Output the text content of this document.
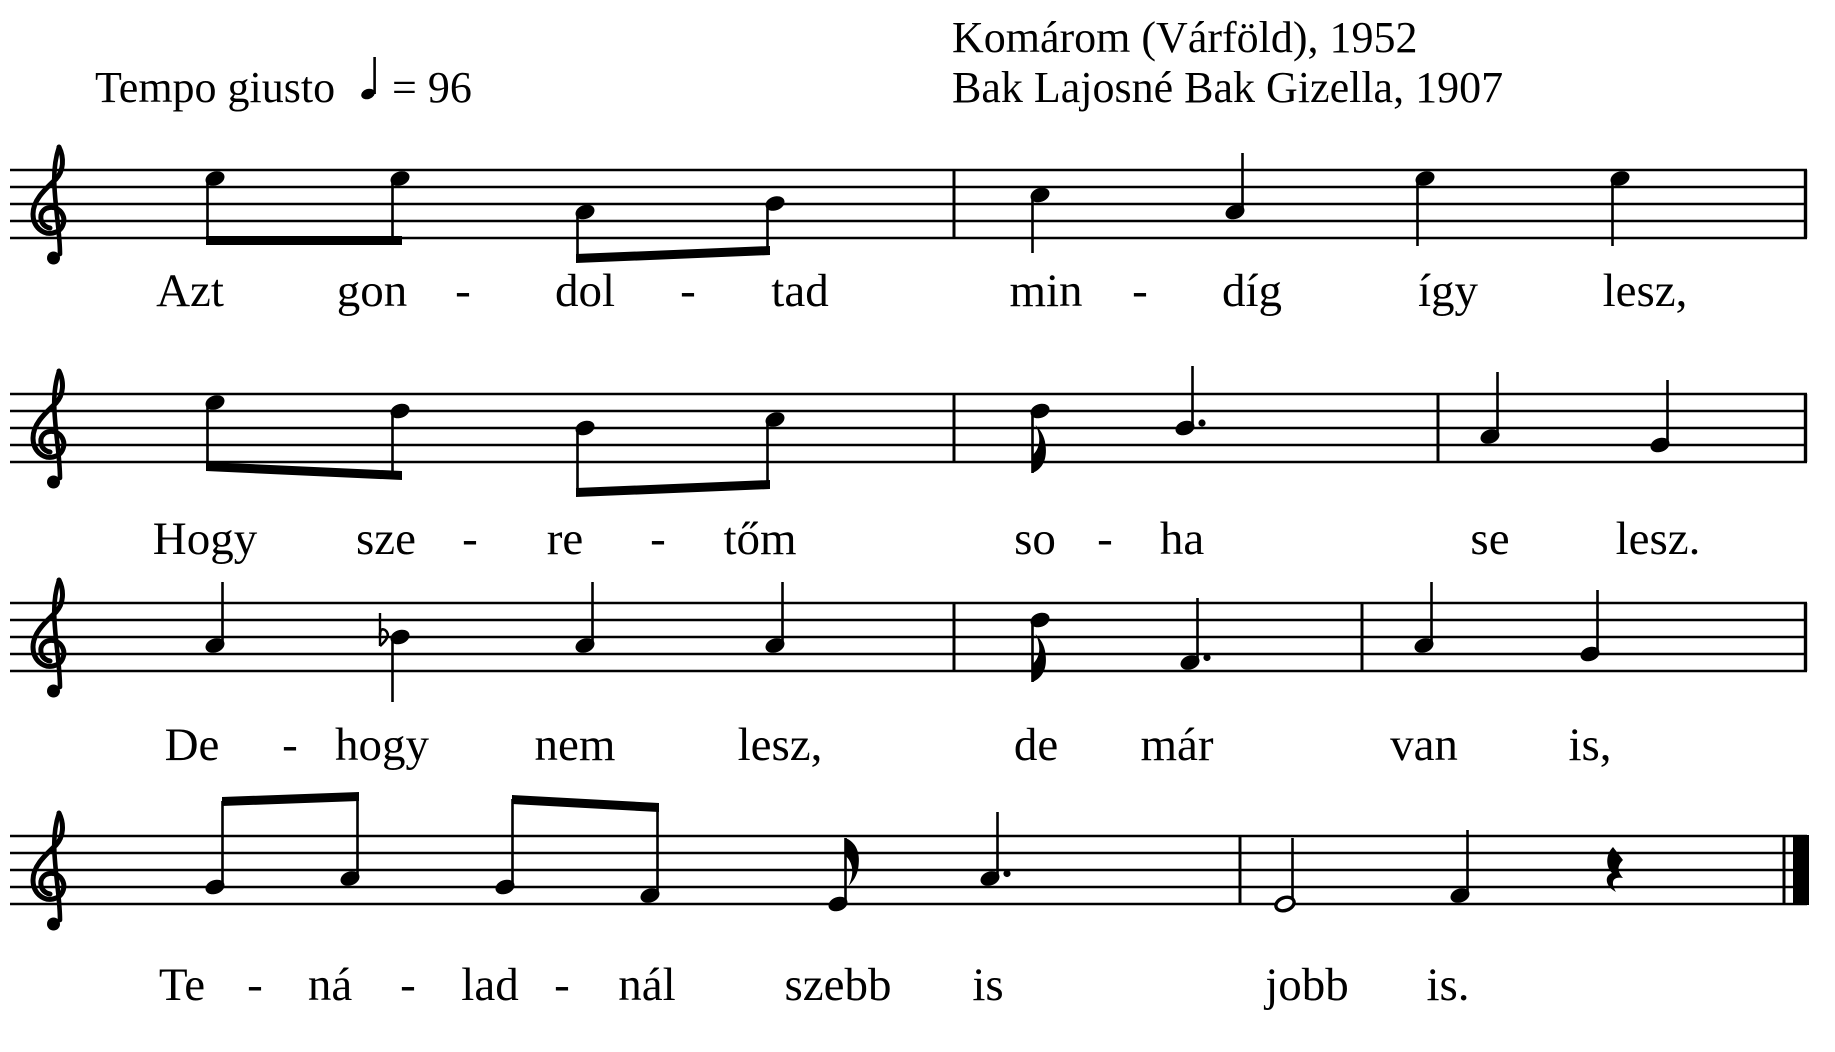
Komárom (Várföld), 1952
Bak Lajosné Bak Gizella, 1907
Tempo giusto = 96
Azt gon - dol - tad	min - díg	így	lesz,
Hogy sze - re - tőm	so - ha	se lesz.
De - hogy nem	lesz,	de már	van is,
Te - ná - lad - nál szebb is	jobb is.
